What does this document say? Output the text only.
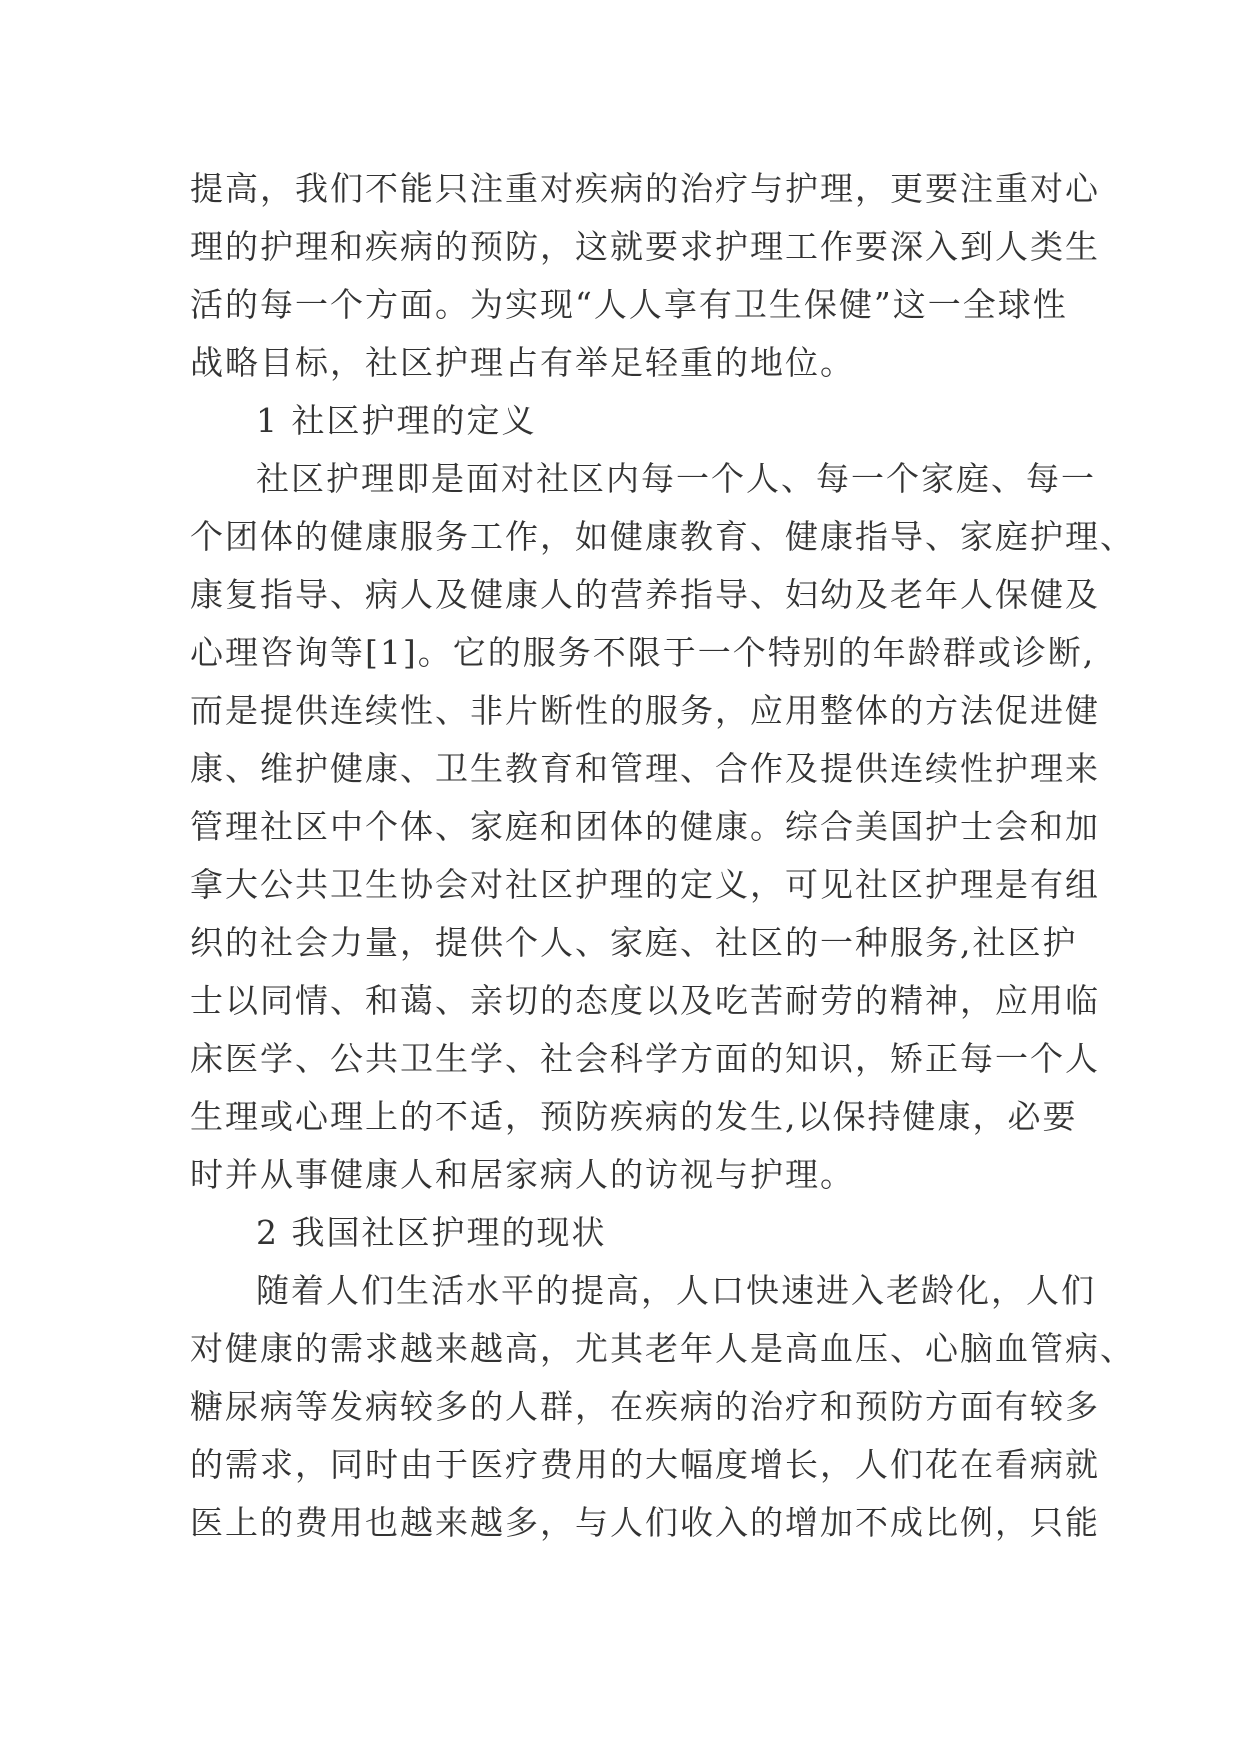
提高，我们不能只注重对疾病的治疗与护理，更要注重对心
理的护理和疾病的预防，这就要求护理工作要深入到人类生
活的每一个方面。为实现“人人享有卫生保健”这一全球性
战略目标，社区护理占有举足轻重的地位。
1 社区护理的定义
社区护理即是面对社区内每一个人、每一个家庭、每一
个团体的健康服务工作，如健康教育、健康指导、家庭护理、
康复指导、病人及健康人的营养指导、妇幼及老年人保健及
心理咨询等[1]。它的服务不限于一个特别的年龄群或诊断,
而是提供连续性、非片断性的服务，应用整体的方法促进健
康、维护健康、卫生教育和管理、合作及提供连续性护理来
管理社区中个体、家庭和团体的健康。综合美国护士会和加
拿大公共卫生协会对社区护理的定义，可见社区护理是有组
织的社会力量，提供个人、家庭、社区的一种服务,社区护
士以同情、和蔼、亲切的态度以及吃苦耐劳的精神，应用临
床医学、公共卫生学、社会科学方面的知识，矫正每一个人
生理或心理上的不适，预防疾病的发生,以保持健康，必要
时并从事健康人和居家病人的访视与护理。
2 我国社区护理的现状
随着人们生活水平的提高，人口快速进入老龄化，人们
对健康的需求越来越高，尤其老年人是高血压、心脑血管病、
糖尿病等发病较多的人群，在疾病的治疗和预防方面有较多
的需求，同时由于医疗费用的大幅度增长，人们花在看病就
医上的费用也越来越多，与人们收入的增加不成比例，只能
